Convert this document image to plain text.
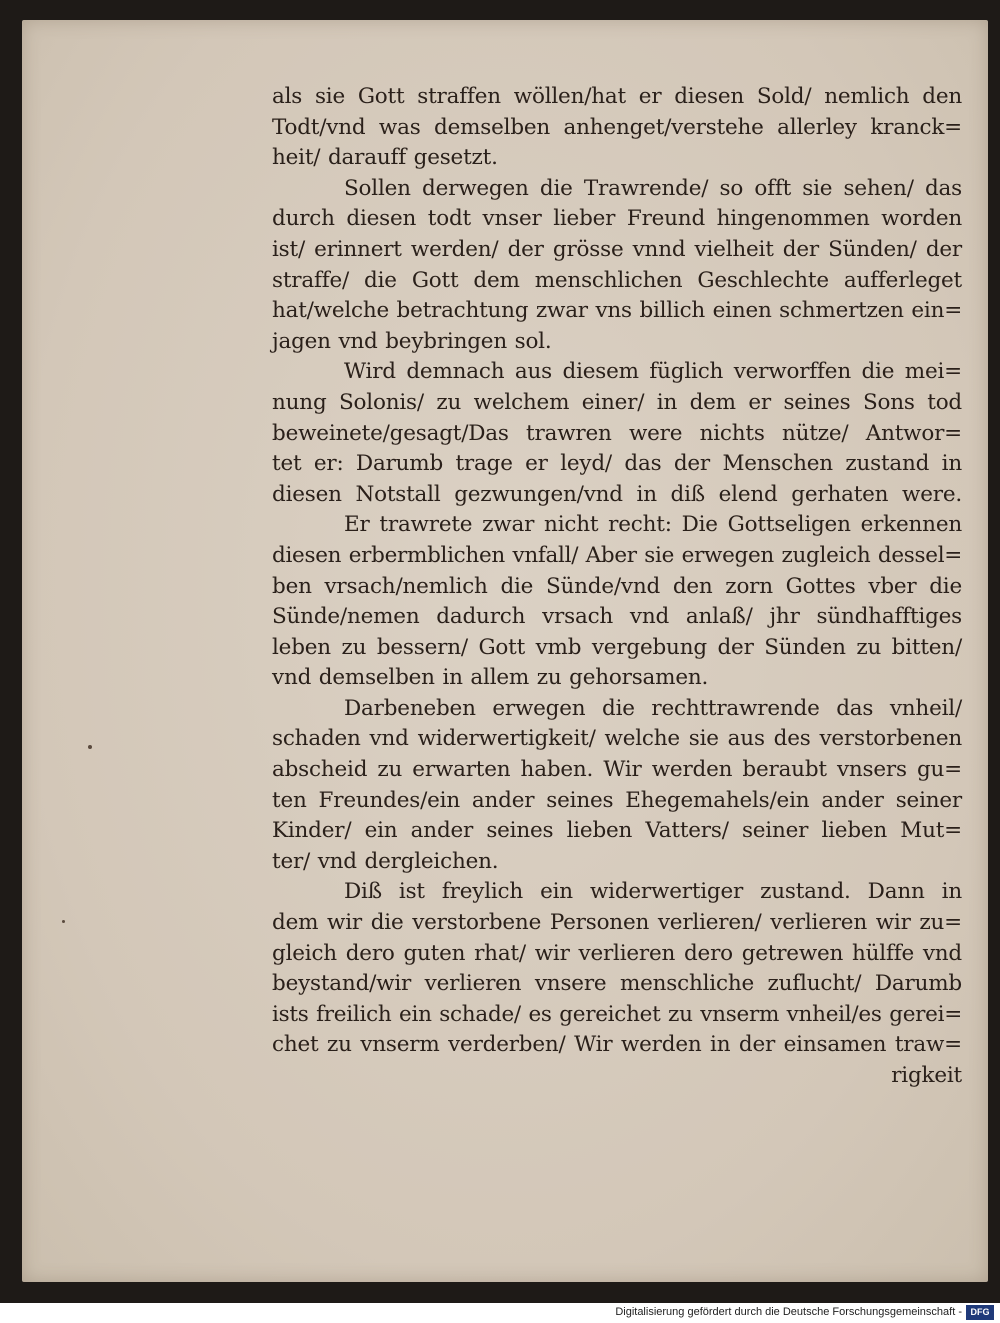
als sie Gott straffen wöllen/hat er diesen Sold/ nemlich den
Todt/vnd was demselben anhenget/verstehe allerley kranck=
heit/ darauff gesetzt.
Sollen derwegen die Trawrende/ so offt sie sehen/ das
durch diesen todt vnser lieber Freund hingenommen worden
ist/ erinnert werden/ der grösse vnnd vielheit der Sünden/ der
straffe/ die Gott dem menschlichen Geschlechte aufferleget
hat/welche betrachtung zwar vns billich einen schmertzen ein=
jagen vnd beybringen sol.
Wird demnach aus diesem füglich verworffen die mei=
nung Solonis/ zu welchem einer/ in dem er seines Sons tod
beweinete/gesagt/Das trawren were nichts nütze/ Antwor=
tet er: Darumb trage er leyd/ das der Menschen zustand in
diesen Notstall gezwungen/vnd in diß elend gerhaten were.
Er trawrete zwar nicht recht: Die Gottseligen erkennen
diesen erbermblichen vnfall/ Aber sie erwegen zugleich dessel=
ben vrsach/nemlich die Sünde/vnd den zorn Gottes vber die
Sünde/nemen dadurch vrsach vnd anlaß/ jhr sündhafftiges
leben zu bessern/ Gott vmb vergebung der Sünden zu bitten/
vnd demselben in allem zu gehorsamen.
Darbeneben erwegen die rechttrawrende das vnheil/
schaden vnd widerwertigkeit/ welche sie aus des verstorbenen
abscheid zu erwarten haben. Wir werden beraubt vnsers gu=
ten Freundes/ein ander seines Ehegemahels/ein ander seiner
Kinder/ ein ander seines lieben Vatters/ seiner lieben Mut=
ter/ vnd dergleichen.
Diß ist freylich ein widerwertiger zustand. Dann in
dem wir die verstorbene Personen verlieren/ verlieren wir zu=
gleich dero guten rhat/ wir verlieren dero getrewen hülffe vnd
beystand/wir verlieren vnsere menschliche zuflucht/ Darumb
ists freilich ein schade/ es gereichet zu vnserm vnheil/es gerei=
chet zu vnserm verderben/ Wir werden in der einsamen traw=
rigkeit
Digitalisierung gefördert durch die Deutsche Forschungsgemeinschaft - DFG
